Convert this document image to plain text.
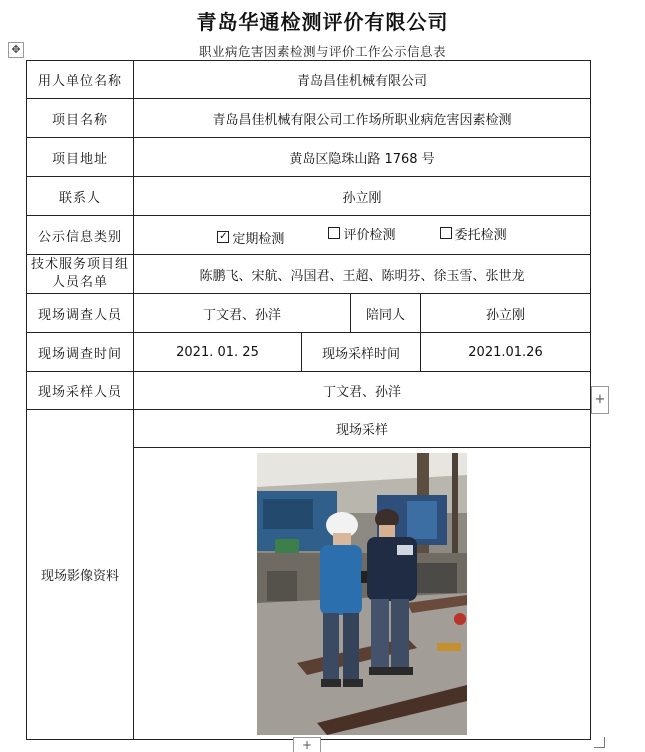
青岛华通检测评价有限公司
✥	职业病危害因素检测与评价工作公示信息表
用人单位名称	青岛昌佳机械有限公司			
项目名称	青岛昌佳机械有限公司工作场所职业病危害因素检测			
项目地址	黄岛区隐珠山路 1768 号			
联系人	孙立刚			
公示信息类别	✓ 定期检测
评价检测
委托检测			

技术服务项目组人员名单	陈鹏飞、宋航、冯国君、王超、陈明芬、徐玉雪、张世龙			
现场调查人员	丁文君、孙洋		陪同人	孙立刚
现场调查时间	2021. 01. 25	现场采样时间		2021.01.26
现场采样人员	丁文君、孙洋			
现场影像资料	现场采样			

+
+
